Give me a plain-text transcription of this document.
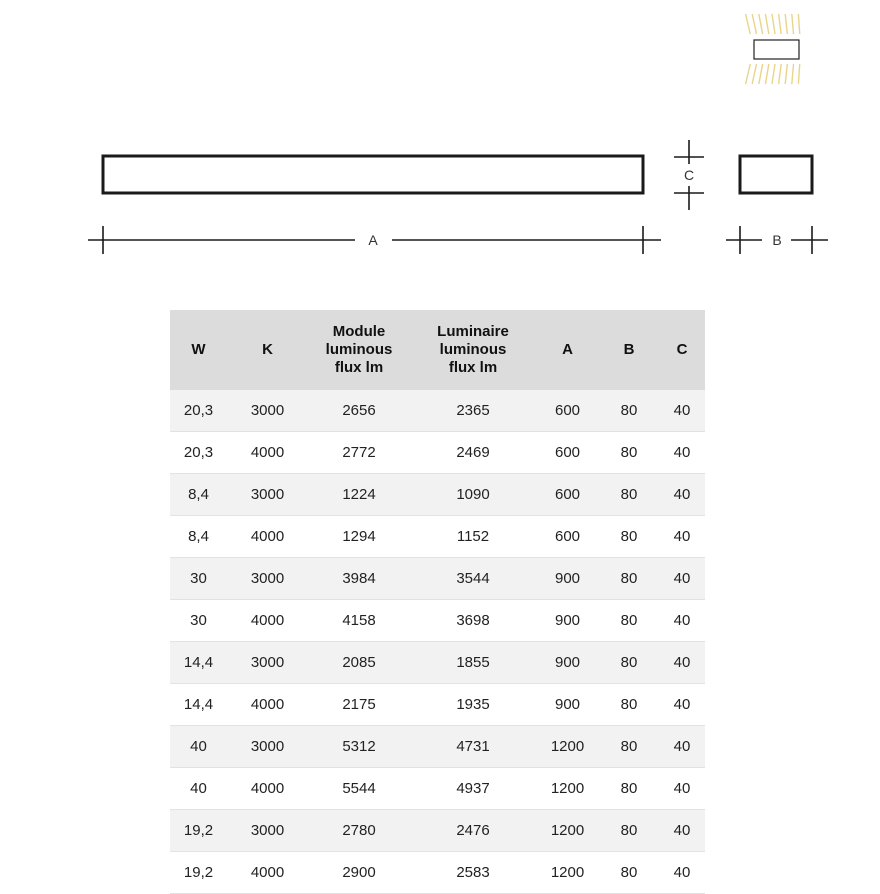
A
C
B
W	K	Module
luminous
flux lm	Luminaire
luminous
flux lm	A	B	C

20,3	3000	2656	2365	600	80	40
20,3	4000	2772	2469	600	80	40
8,4	3000	1224	1090	600	80	40
8,4	4000	1294	1152	600	80	40
30	3000	3984	3544	900	80	40
30	4000	4158	3698	900	80	40
14,4	3000	2085	1855	900	80	40
14,4	4000	2175	1935	900	80	40
40	3000	5312	4731	1200	80	40
40	4000	5544	4937	1200	80	40
19,2	3000	2780	2476	1200	80	40
19,2	4000	2900	2583	1200	80	40
